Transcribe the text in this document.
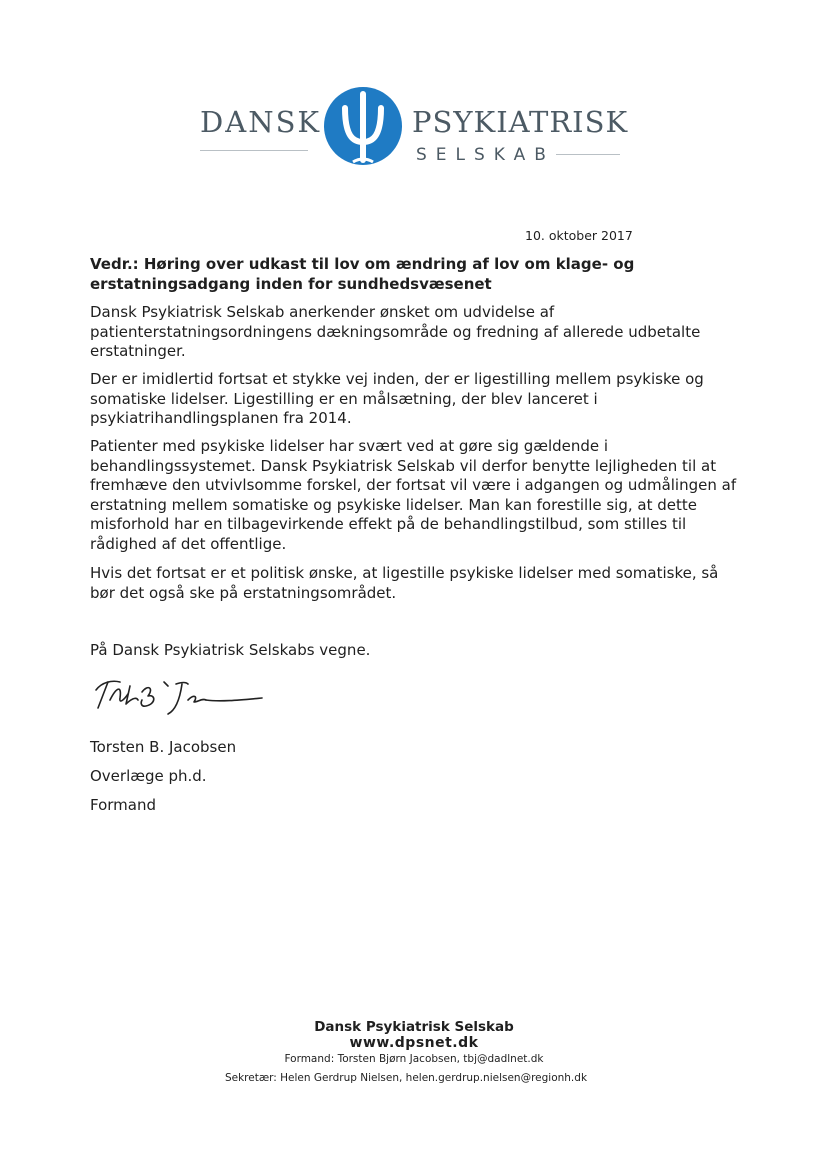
DANSK	PSYKIATRISK
SELSKAB
10. oktober 2017
Vedr.: Høring over udkast til lov om ændring af lov om klage- og
erstatningsadgang inden for sundhedsvæsenet
Dansk Psykiatrisk Selskab anerkender ønsket om udvidelse af
patienterstatningsordningens dækningsområde og fredning af allerede udbetalte
erstatninger.
Der er imidlertid fortsat et stykke vej inden, der er ligestilling mellem psykiske og
somatiske lidelser. Ligestilling er en målsætning, der blev lanceret i
psykiatrihandlingsplanen fra 2014.
Patienter med psykiske lidelser har svært ved at gøre sig gældende i
behandlingssystemet. Dansk Psykiatrisk Selskab vil derfor benytte lejligheden til at
fremhæve den utvivlsomme forskel, der fortsat vil være i adgangen og udmålingen af
erstatning mellem somatiske og psykiske lidelser. Man kan forestille sig, at dette
misforhold har en tilbagevirkende effekt på de behandlingstilbud, som stilles til
rådighed af det offentlige.
Hvis det fortsat er et politisk ønske, at ligestille psykiske lidelser med somatiske, så
bør det også ske på erstatningsområdet.
På Dansk Psykiatrisk Selskabs vegne.
Torsten B. Jacobsen
Overlæge ph.d.
Formand
Dansk Psykiatrisk Selskab
www.dpsnet.dk
Formand: Torsten Bjørn Jacobsen, tbj@dadlnet.dk
Sekretær: Helen Gerdrup Nielsen, helen.gerdrup.nielsen@regionh.dk
